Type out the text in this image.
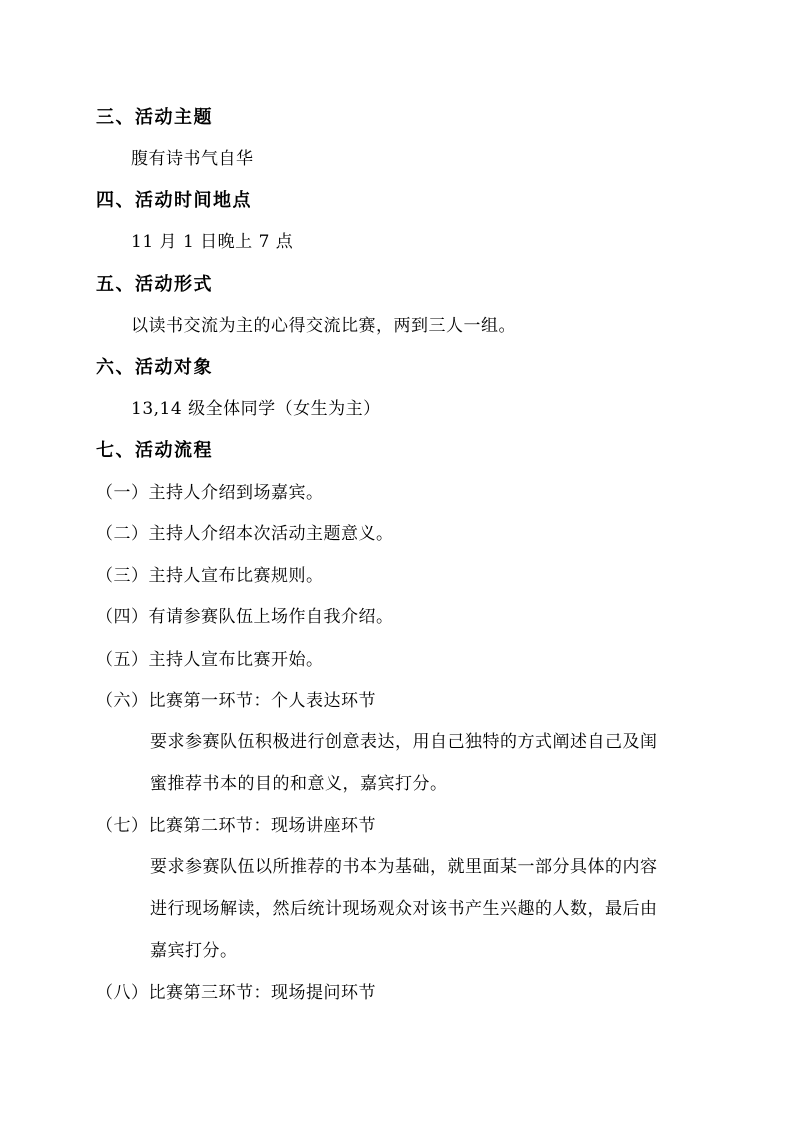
三、活动主题
腹有诗书气自华
四、活动时间地点
11 月 1 日晚上 7 点
五、活动形式
以读书交流为主的心得交流比赛，两到三人一组。
六、活动对象
13,14 级全体同学（女生为主）
七、活动流程
（一）主持人介绍到场嘉宾。
（二）主持人介绍本次活动主题意义。
（三）主持人宣布比赛规则。
（四）有请参赛队伍上场作自我介绍。
（五）主持人宣布比赛开始。
（六）比赛第一环节：个人表达环节
要求参赛队伍积极进行创意表达，用自己独特的方式阐述自己及闺
蜜推荐书本的目的和意义，嘉宾打分。
（七）比赛第二环节：现场讲座环节
要求参赛队伍以所推荐的书本为基础，就里面某一部分具体的内容
进行现场解读，然后统计现场观众对该书产生兴趣的人数，最后由
嘉宾打分。
（八）比赛第三环节：现场提问环节
